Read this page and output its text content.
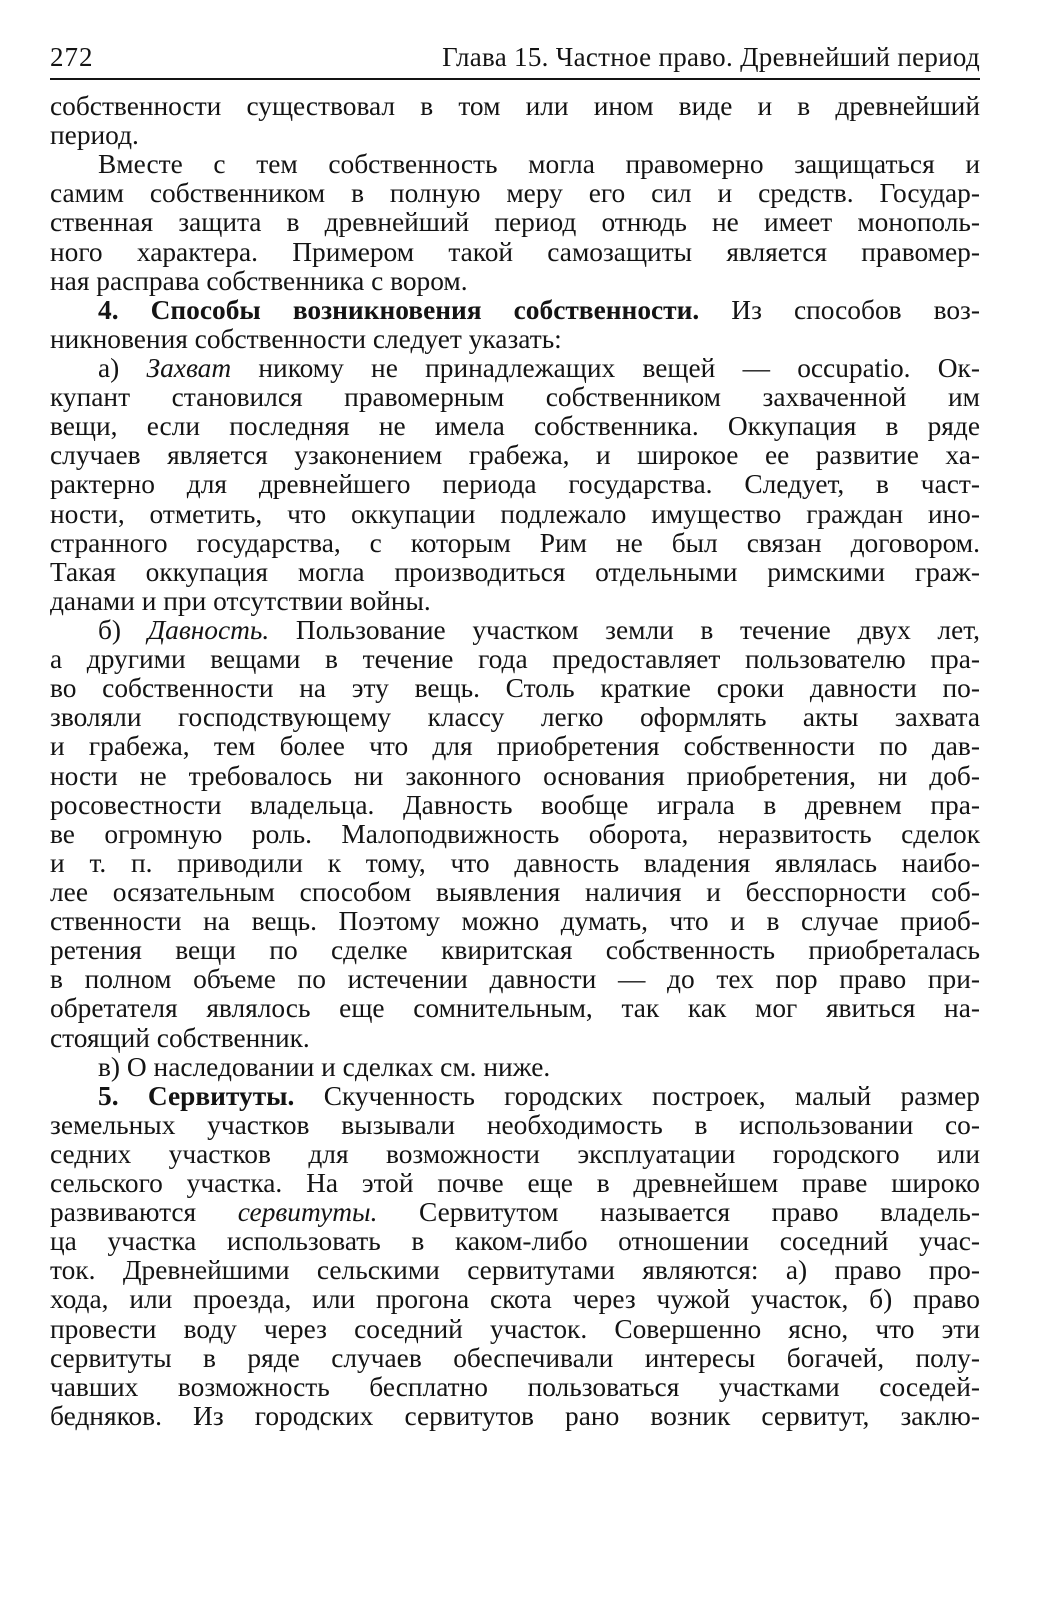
272	Глава 15. Частное право. Древнейший период
собственности существовал в том или ином виде и в древнейший
период.
Вместе с тем собственность могла правомерно защищаться и
самим собственником в полную меру его сил и средств. Государ-
ственная защита в древнейший период отнюдь не имеет монополь-
ного характера. Примером такой самозащиты является правомер-
ная расправа собственника с вором.
4. Способы возникновения собственности. Из способов воз-
никновения собственности следует указать:
а) Захват никому не принадлежащих вещей — occupatio. Ок-
купант становился правомерным собственником захваченной им
вещи, если последняя не имела собственника. Оккупация в ряде
случаев является узаконением грабежа, и широкое ее развитие ха-
рактерно для древнейшего периода государства. Следует, в част-
ности, отметить, что оккупации подлежало имущество граждан ино-
странного государства, с которым Рим не был связан договором.
Такая оккупация могла производиться отдельными римскими граж-
данами и при отсутствии войны.
б) Давность. Пользование участком земли в течение двух лет,
а другими вещами в течение года предоставляет пользователю пра-
во собственности на эту вещь. Столь краткие сроки давности по-
зволяли господствующему классу легко оформлять акты захвата
и грабежа, тем более что для приобретения собственности по дав-
ности не требовалось ни законного основания приобретения, ни доб-
росовестности владельца. Давность вообще играла в древнем пра-
ве огромную роль. Малоподвижность оборота, неразвитость сделок
и т. п. приводили к тому, что давность владения являлась наибо-
лее осязательным способом выявления наличия и бесспорности соб-
ственности на вещь. Поэтому можно думать, что и в случае приоб-
ретения вещи по сделке квиритская собственность приобреталась
в полном объеме по истечении давности — до тех пор право при-
обретателя являлось еще сомнительным, так как мог явиться на-
стоящий собственник.
в) О наследовании и сделках см. ниже.
5. Сервитуты. Скученность городских построек, малый размер
земельных участков вызывали необходимость в использовании со-
седних участков для возможности эксплуатации городского или
сельского участка. На этой почве еще в древнейшем праве широко
развиваются сервитуты. Сервитутом называется право владель-
ца участка использовать в каком-либо отношении соседний учас-
ток. Древнейшими сельскими сервитутами являются: а) право про-
хода, или проезда, или прогона скота через чужой участок, б) право
провести воду через соседний участок. Совершенно ясно, что эти
сервитуты в ряде случаев обеспечивали интересы богачей, полу-
чавших возможность бесплатно пользоваться участками соседей-
бедняков. Из городских сервитутов рано возник сервитут, заклю-
